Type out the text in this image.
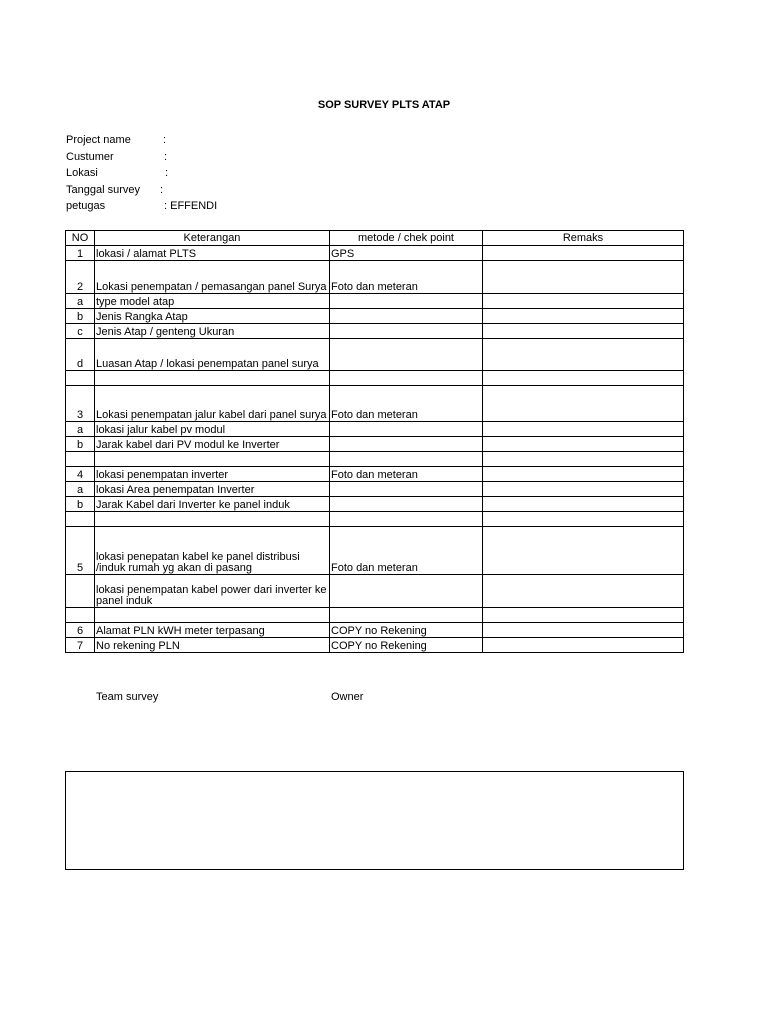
SOP SURVEY PLTS ATAP
Project name	:
Custumer	:
Lokasi	:
Tanggal survey :
petugas	: EFFENDI
NO	Keterangan	metode / chek point	Remaks
1	lokasi / alamat PLTS	GPS	
2	Lokasi penempatan / pemasangan panel Surya	Foto dan meteran	
a	type model atap		
b	Jenis Rangka Atap		
c	Jenis Atap / genteng Ukuran		
d	Luasan Atap / lokasi penempatan panel surya		

3	Lokasi penempatan jalur kabel dari panel surya	Foto dan meteran	
a	lokasi jalur kabel pv modul		
b	Jarak kabel dari PV modul ke Inverter		

4	lokasi penempatan inverter	Foto dan meteran	
a	lokasi Area penempatan Inverter		
b	Jarak Kabel dari Inverter ke panel induk		

5	lokasi penepatan kabel ke panel distribusi /induk rumah yg akan di pasang	Foto dan meteran	
	lokasi penempatan kabel power dari inverter ke panel induk		

6	Alamat PLN kWH meter terpasang	COPY no Rekening	
7	No rekening PLN	COPY no Rekening	
Team survey	Owner
